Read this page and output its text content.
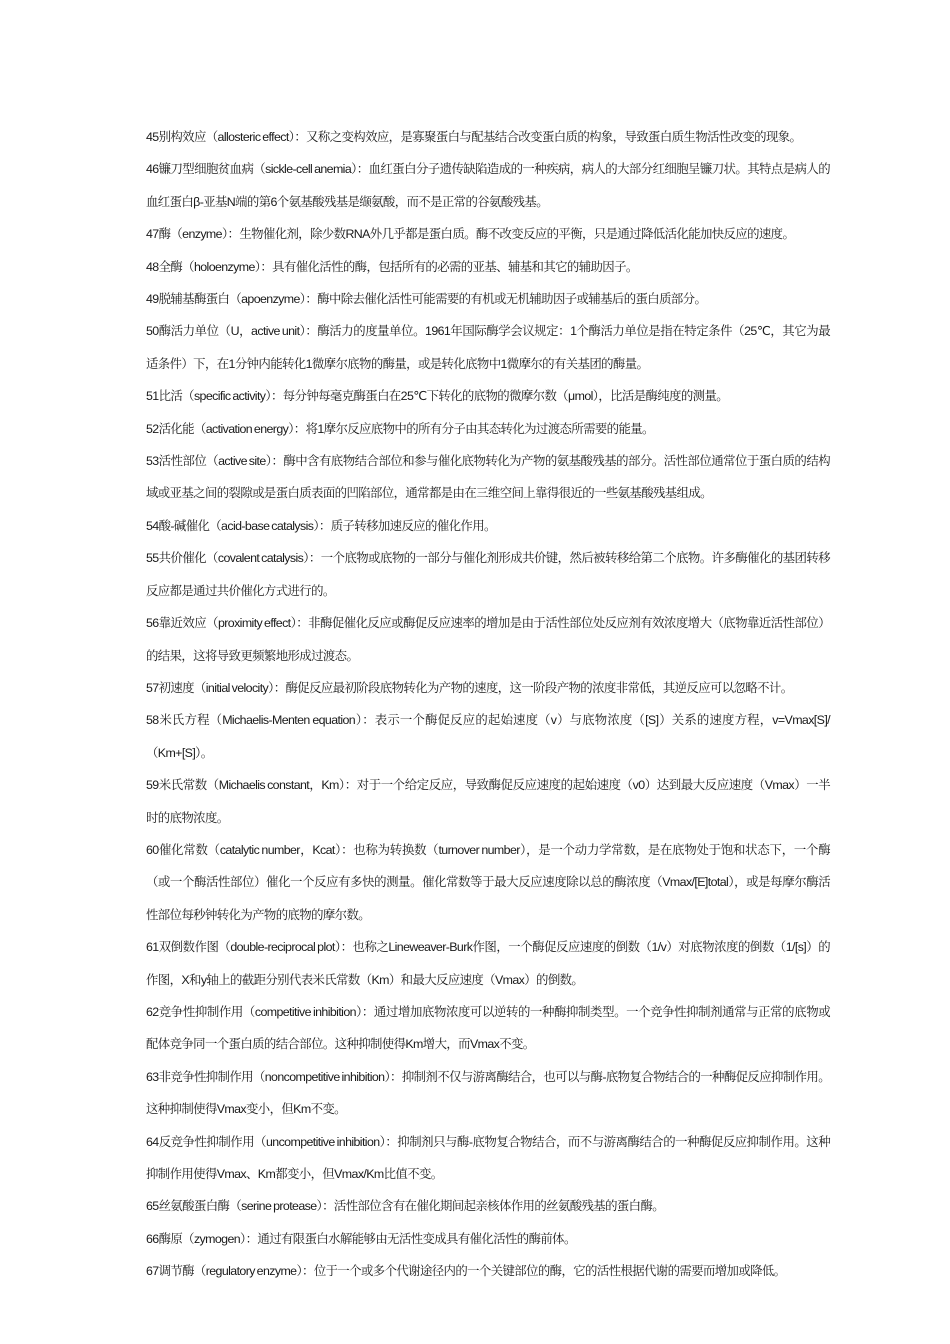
45别构效应（allosteric effect）：又称之变构效应，是寡聚蛋白与配基结合改变蛋白质的构象，导致蛋白质生物活性改变的现象。

46镰刀型细胞贫血病（sickle-cell anemia）：血红蛋白分子遗传缺陷造成的一种疾病，病人的大部分红细胞呈镰刀状。其特点是病人的血红蛋白β-亚基N端的第6个氨基酸残基是缬氨酸，而不是正常的谷氨酸残基。

47酶（enzyme）：生物催化剂，除少数RNA外几乎都是蛋白质。酶不改变反应的平衡，只是通过降低活化能加快反应的速度。

48全酶（holoenzyme）：具有催化活性的酶，包括所有的必需的亚基、辅基和其它的辅助因子。

49脱辅基酶蛋白（apoenzyme）：酶中除去催化活性可能需要的有机或无机辅助因子或辅基后的蛋白质部分。

50酶活力单位（U，active unit）：酶活力的度量单位。1961年国际酶学会议规定：1个酶活力单位是指在特定条件（25℃，其它为最适条件）下，在1分钟内能转化1微摩尔底物的酶量，或是转化底物中1微摩尔的有关基团的酶量。

51比活（specific activity）：每分钟每毫克酶蛋白在25℃下转化的底物的微摩尔数（μmol），比活是酶纯度的测量。

52活化能（activation energy）：将1摩尔反应底物中的所有分子由其态转化为过渡态所需要的能量。

53活性部位（active site）：酶中含有底物结合部位和参与催化底物转化为产物的氨基酸残基的部分。活性部位通常位于蛋白质的结构域或亚基之间的裂隙或是蛋白质表面的凹陷部位，通常都是由在三维空间上靠得很近的一些氨基酸残基组成。

54酸-碱催化（acid-base catalysis）：质子转移加速反应的催化作用。

55共价催化（covalent catalysis）：一个底物或底物的一部分与催化剂形成共价键，然后被转移给第二个底物。许多酶催化的基团转移反应都是通过共价催化方式进行的。

56靠近效应（proximity effect）：非酶促催化反应或酶促反应速率的增加是由于活性部位处反应剂有效浓度增大（底物靠近活性部位）的结果，这将导致更频繁地形成过渡态。

57初速度（initial velocity）：酶促反应最初阶段底物转化为产物的速度，这一阶段产物的浓度非常低，其逆反应可以忽略不计。

58米氏方程（Michaelis-Menten equation）：表示一个酶促反应的起始速度（v）与底物浓度（[S]）关系的速度方程，v=Vmax[S]/（Km+[S]）。

59米氏常数（Michaelis constant，Km）：对于一个给定反应，导致酶促反应速度的起始速度（v0）达到最大反应速度（Vmax）一半时的底物浓度。

60催化常数（catalytic number，Kcat）：也称为转换数（turnover number），是一个动力学常数，是在底物处于饱和状态下，一个酶（或一个酶活性部位）催化一个反应有多快的测量。催化常数等于最大反应速度除以总的酶浓度（Vmax/[E]total），或是每摩尔酶活性部位每秒钟转化为产物的底物的摩尔数。

61双倒数作图（double-reciprocal plot）：也称之Lineweaver-Burk作图，一个酶促反应速度的倒数（1/v）对底物浓度的倒数（1/[s]）的作图，X和y轴上的截距分别代表米氏常数（Km）和最大反应速度（Vmax）的倒数。

62竞争性抑制作用（competitive inhibition）：通过增加底物浓度可以逆转的一种酶抑制类型。一个竞争性抑制剂通常与正常的底物或配体竞争同一个蛋白质的结合部位。这种抑制使得Km增大，而Vmax不变。

63非竞争性抑制作用（noncompetitive inhibition）：抑制剂不仅与游离酶结合，也可以与酶-底物复合物结合的一种酶促反应抑制作用。这种抑制使得Vmax变小，但Km不变。

64反竞争性抑制作用（uncompetitive inhibition）：抑制剂只与酶-底物复合物结合，而不与游离酶结合的一种酶促反应抑制作用。这种抑制作用使得Vmax、Km都变小，但Vmax/Km比值不变。

65丝氨酸蛋白酶（serine protease）：活性部位含有在催化期间起亲核体作用的丝氨酸残基的蛋白酶。

66酶原（zymogen）：通过有限蛋白水解能够由无活性变成具有催化活性的酶前体。

67调节酶（regulatory enzyme）：位于一个或多个代谢途径内的一个关键部位的酶，它的活性根据代谢的需要而增加或降低。
